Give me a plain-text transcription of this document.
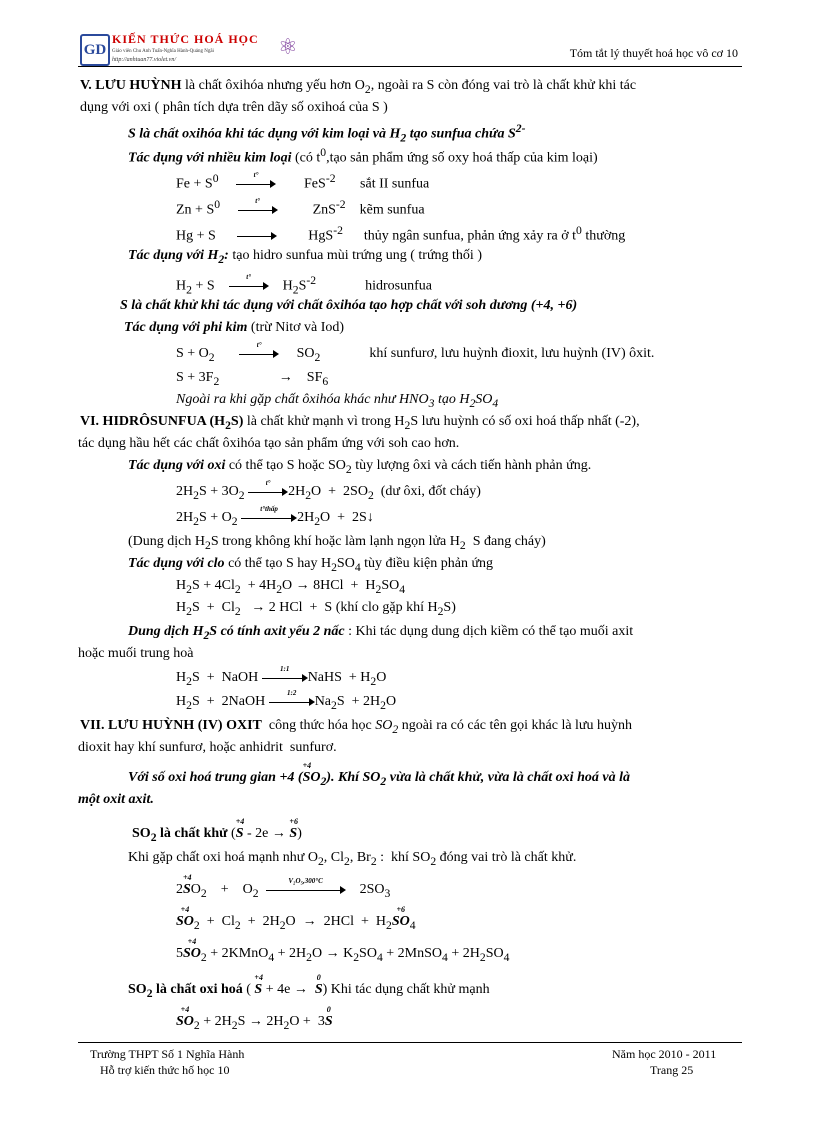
GD
KIẾN THỨC HOÁ HỌC
Giáo viên Chu Anh Tuấn-Nghĩa Hành-Quảng Ngãi
http://anhtuan77.violet.vn/
⚛	Tóm tắt lý thuyết hoá học vô cơ 10
V. LƯU HUỲNH là chất ôxihóa nhưng yếu hơn $O_2$, ngoài ra S còn đóng vai trò là chất khử khi tác
dụng với oxi ( phân tích dựa trên dãy số oxihoá của S )
S là chất oxihóa khi tác dụng với kim loại và $H_2$ tạo sunfua chứa $S^{2-}$
Tác dụng với nhiều kim loại (có $t^0,tạo$ sản phẩm ứng số oxy hoá thấp của kim loại)
$Fe + S^0$	t°
FeS$^{-2}$       sắt II sunfua
$Zn + S^0$	t°
ZnS$^{-2}$    kẽm sunfua
Hg + S	HgS$^{-2}$      thủy ngân sunfua, phản ứng xảy ra ở $t^0$ thường
Tác dụng với $H_2$: tạo hidro sunfua mùi trứng ung ( trứng thối )
$H_2 + S$
t°
$H_2S^{-2}$              hidrosunfua
S là chất khử khi tác dụng với chất ôxihóa tạo hợp chất với soh dương (+4, +6)
Tác dụng với phi kim (trừ Nitơ và Iod)
$S + O_2$
t°
$SO_2$              khí sunfurơ, lưu huỳnh đioxit, lưu huỳnh (IV) ôxit.
$S + 3F_2$                 →    $SF_6$
Ngoài ra khi gặp chất ôxihóa khác như $HNO_3$ tạo $H_2SO_4$
VI. HIDRÔSUNFUA $(H_2S)$ là chất khử mạnh vì trong $H_2S$ lưu huỳnh có số oxi hoá thấp nhất (-2),
tác dụng hầu hết các chất ôxihóa tạo sản phẩm ứng với soh cao hơn.
Tác dụng với oxi có thể tạo S hoặc $SO_2$ tùy lượng ôxi và cách tiến hành phản ứng.
$2H_2S + 3O_2$
t°
$2H_2O + 2SO_2$  (dư ôxi, đốt cháy)
$2H_2S + O_2$
t°thấp
$2H_2O$  +  2S↓
(Dung dịch $H_2S$ trong không khí hoặc làm lạnh ngọn lửa $H_2$  S đang cháy)
Tác dụng với clo có thể tạo S hay $H_2SO_4$ tùy điều kiện phản ứng
$H_2S + 4Cl_2 + 4H_2O \to 8HCl + H_2SO_4$
$H_2S + Cl_2 \to 2$ HCl  +  S (khí clo gặp khí $H_2S$)
Dung dịch $H_2S$ có tính axit yếu 2 nấc : Khi tác dụng dung dịch kiềm có thể tạo muối axit
hoặc muối trung hoà
$H_2S$  +  NaOH
1:1
NaHS  + $H_2O$
$H_2S$  +  2NaOH
1:2
$Na_2S + 2H_2O$
VII. LƯU HUỲNH (IV) OXIT  công thức hóa học $SO_2$ ngoài ra có các tên gọi khác là lưu huỳnh
dioxit hay khí sunfurơ, hoặc anhidrit  sunfurơ.
Với số oxi hoá trung gian +4 (
+4
$SO_2$). Khí $SO_2$ vừa là chất khử, vừa là chất oxi hoá và là
một oxit axit.
$SO_2$ là chất khử (
+4
S - 2e →
+6
S)
Khi gặp chất oxi hoá mạnh như $O_2$, $Cl_2$, $Br_2$ :  khí $SO_2$ đóng vai trò là chất khử.
2
+4
$SO_2$    +    $O_2$
V₂O₅,300°C
$2SO_3$
+4
$SO_2 + Cl_2 + 2H_2O \to 2HCl + H_2$
+6
$SO_4$
5
+4
$SO_2$ + 2KMnO$_4$ + $2H_2O \to K_2SO_4$ + 2MnSO$_4$ + $2H_2SO_4$
$SO_2$ là chất oxi hoá (
+4
S + 4e →
0
S) Khi tác dụng chất khử mạnh
+4
$SO_2 + 2H_2S \to 2H_2O + 3$
0
S
Trường THPT Số 1 Nghĩa Hành
Hỗ trợ kiến thức hố học 10
Năm học 2010 - 2011
Trang 25
